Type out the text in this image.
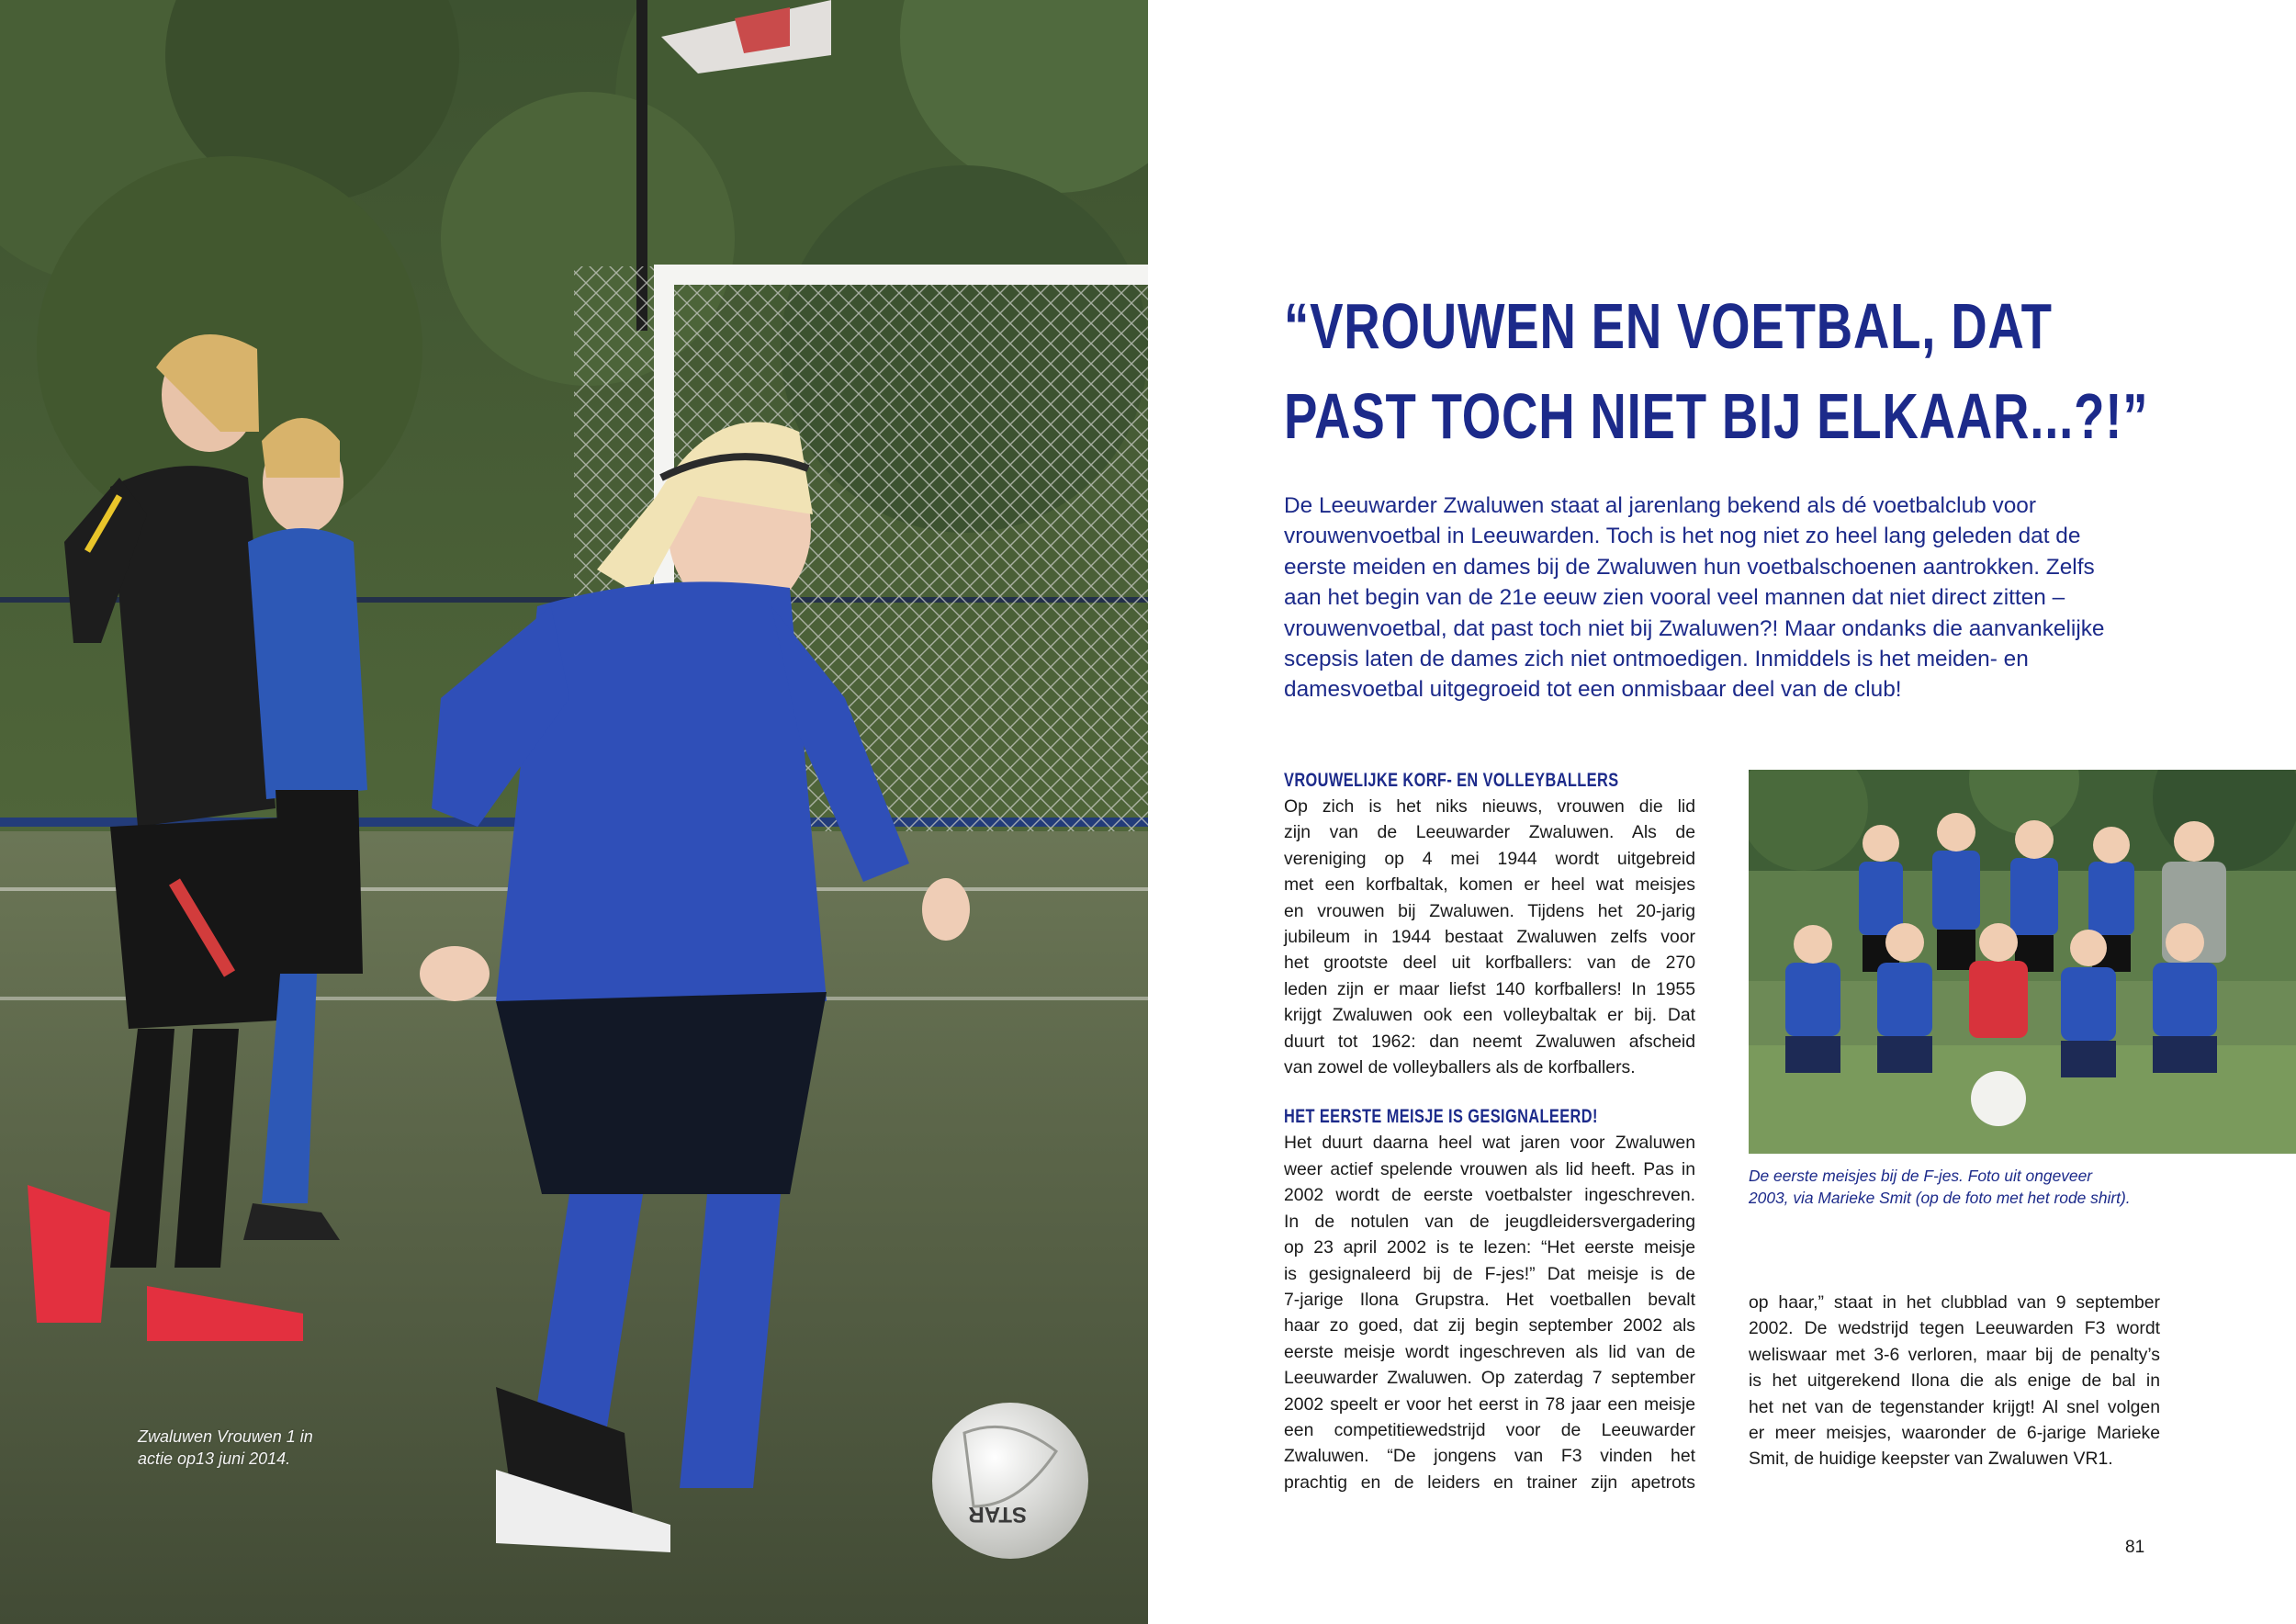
STAR
Zwaluwen Vrouwen 1 in
actie op13 juni 2014.
“VROUWEN EN VOETBAL, DAT
PAST TOCH NIET BIJ ELKAAR...?!”
De Leeuwarder Zwaluwen staat al jarenlang bekend als dé voetbalclub voor
vrouwenvoetbal in Leeuwarden. Toch is het nog niet zo heel lang geleden dat de
eerste meiden en dames bij de Zwaluwen hun voetbalschoenen aantrokken. Zelfs
aan het begin van de 21e eeuw zien vooral veel mannen dat niet direct zitten –
vrouwenvoetbal, dat past toch niet bij Zwaluwen?! Maar ondanks die aanvankelijke
scepsis laten de dames zich niet ontmoedigen. Inmiddels is het meiden- en
damesvoetbal uitgegroeid tot een onmisbaar deel van de club!
VROUWELIJKE KORF- EN VOLLEYBALLERS
Op zich is het niks nieuws, vrouwen die lid
zijn van de Leeuwarder Zwaluwen. Als de
vereniging op 4 mei 1944 wordt uitgebreid
met een korfbaltak, komen er heel wat meisjes
en vrouwen bij Zwaluwen. Tijdens het 20-jarig
jubileum in 1944 bestaat Zwaluwen zelfs voor
het grootste deel uit korfballers: van de 270
leden zijn er maar liefst 140 korfballers! In 1955
krijgt Zwaluwen ook een volleybaltak er bij. Dat
duurt tot 1962: dan neemt Zwaluwen afscheid
van zowel de volleyballers als de korfballers.
HET EERSTE MEISJE IS GESIGNALEERD!
Het duurt daarna heel wat jaren voor Zwaluwen
weer actief spelende vrouwen als lid heeft. Pas in
2002 wordt de eerste voetbalster ingeschreven.
In de notulen van de jeugdleidersvergadering
op 23 april 2002 is te lezen: “Het eerste meisje
is gesignaleerd bij de F-jes!” Dat meisje is de
7-jarige Ilona Grupstra. Het voetballen bevalt
haar zo goed, dat zij begin september 2002 als
eerste meisje wordt ingeschreven als lid van de
Leeuwarder Zwaluwen. Op zaterdag 7 september
2002 speelt er voor het eerst in 78 jaar een meisje
een competitiewedstrijd voor de Leeuwarder
Zwaluwen. “De jongens van F3 vinden het
prachtig en de leiders en trainer zijn apetrots
De eerste meisjes bij de F-jes. Foto uit ongeveer
2003, via Marieke Smit (op de foto met het rode shirt).
op haar,” staat in het clubblad van 9 september
2002. De wedstrijd tegen Leeuwarden F3 wordt
weliswaar met 3-6 verloren, maar bij de penalty’s
is het uitgerekend Ilona die als enige de bal in
het net van de tegenstander krijgt! Al snel volgen
er meer meisjes, waaronder de 6-jarige Marieke
Smit, de huidige keepster van Zwaluwen VR1.
81
